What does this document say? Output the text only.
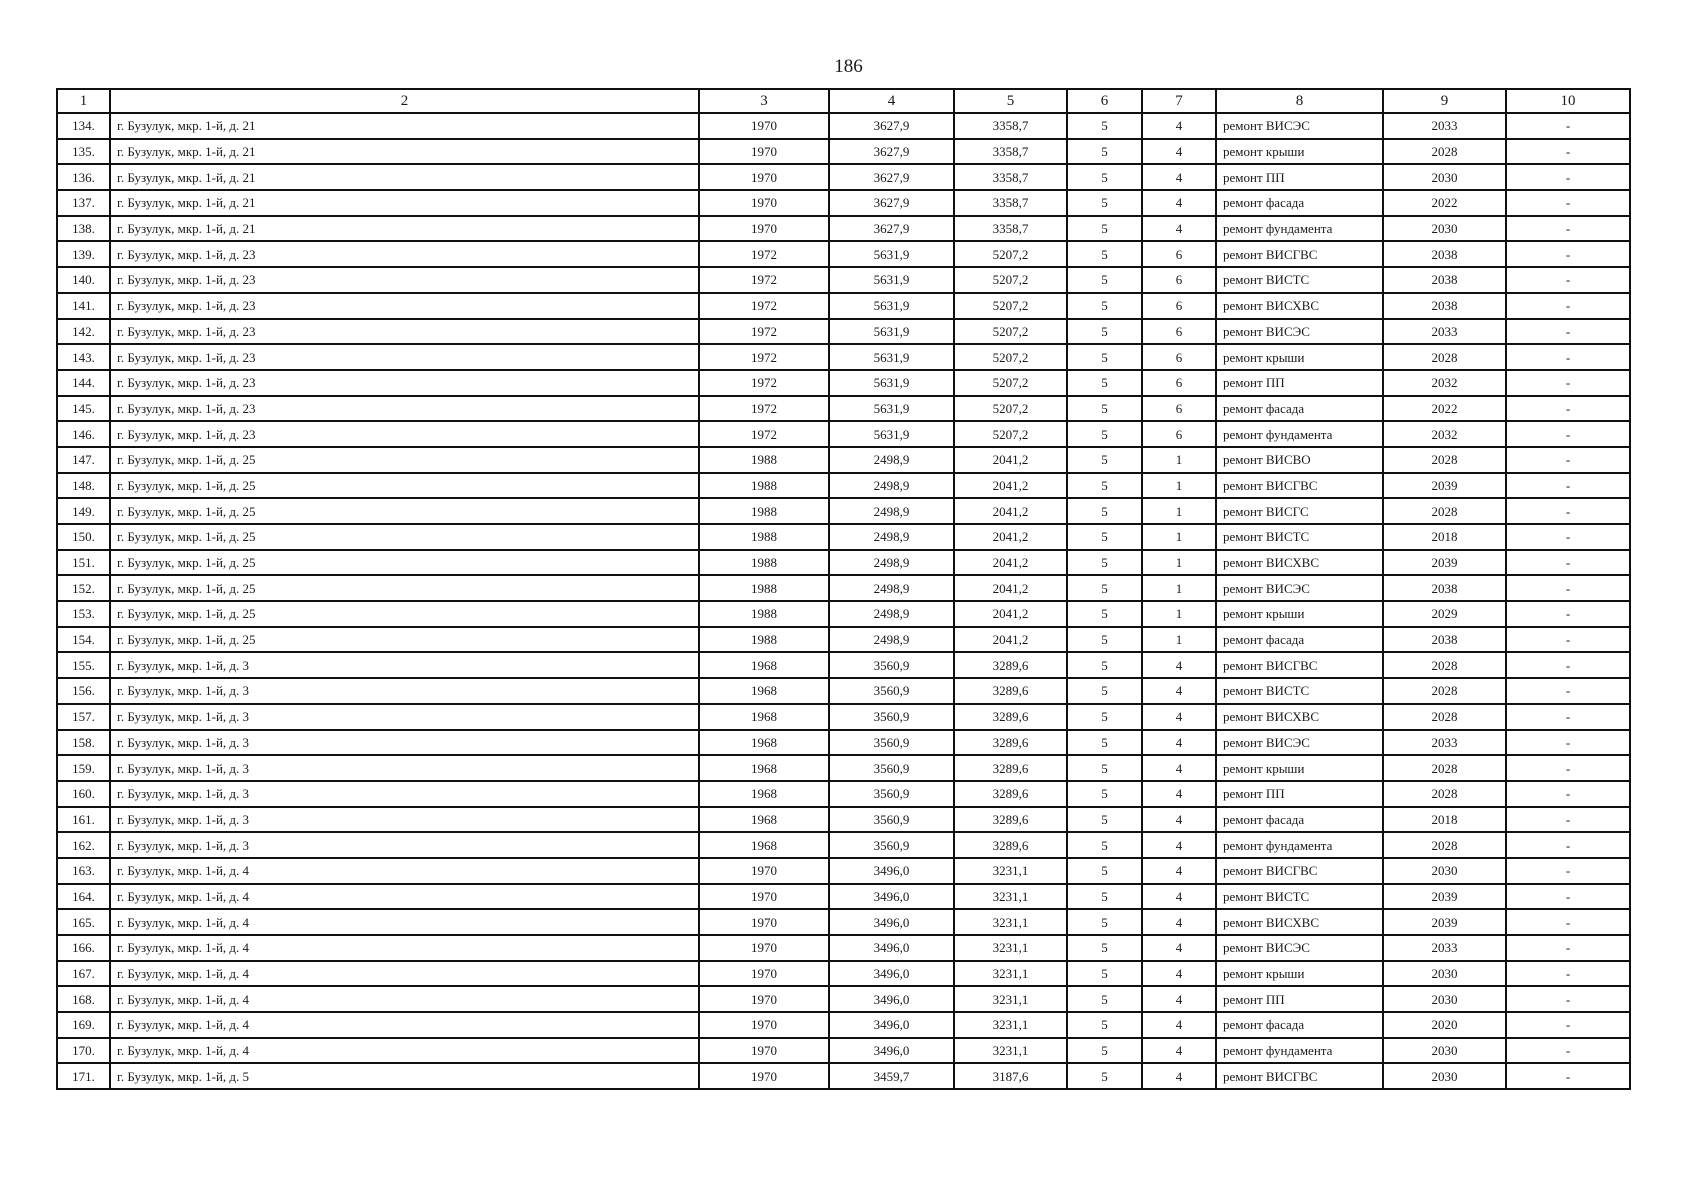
186
1	2	3	4	5	6	7	8	9	10
134.	г. Бузулук, мкр. 1-й, д. 21	1970	3627,9	3358,7	5	4	ремонт ВИСЭС	2033	-
135.	г. Бузулук, мкр. 1-й, д. 21	1970	3627,9	3358,7	5	4	ремонт крыши	2028	-
136.	г. Бузулук, мкр. 1-й, д. 21	1970	3627,9	3358,7	5	4	ремонт ПП	2030	-
137.	г. Бузулук, мкр. 1-й, д. 21	1970	3627,9	3358,7	5	4	ремонт фасада	2022	-
138.	г. Бузулук, мкр. 1-й, д. 21	1970	3627,9	3358,7	5	4	ремонт фундамента	2030	-
139.	г. Бузулук, мкр. 1-й, д. 23	1972	5631,9	5207,2	5	6	ремонт ВИСГВС	2038	-
140.	г. Бузулук, мкр. 1-й, д. 23	1972	5631,9	5207,2	5	6	ремонт ВИСТС	2038	-
141.	г. Бузулук, мкр. 1-й, д. 23	1972	5631,9	5207,2	5	6	ремонт ВИСХВС	2038	-
142.	г. Бузулук, мкр. 1-й, д. 23	1972	5631,9	5207,2	5	6	ремонт ВИСЭС	2033	-
143.	г. Бузулук, мкр. 1-й, д. 23	1972	5631,9	5207,2	5	6	ремонт крыши	2028	-
144.	г. Бузулук, мкр. 1-й, д. 23	1972	5631,9	5207,2	5	6	ремонт ПП	2032	-
145.	г. Бузулук, мкр. 1-й, д. 23	1972	5631,9	5207,2	5	6	ремонт фасада	2022	-
146.	г. Бузулук, мкр. 1-й, д. 23	1972	5631,9	5207,2	5	6	ремонт фундамента	2032	-
147.	г. Бузулук, мкр. 1-й, д. 25	1988	2498,9	2041,2	5	1	ремонт ВИСВО	2028	-
148.	г. Бузулук, мкр. 1-й, д. 25	1988	2498,9	2041,2	5	1	ремонт ВИСГВС	2039	-
149.	г. Бузулук, мкр. 1-й, д. 25	1988	2498,9	2041,2	5	1	ремонт ВИСГС	2028	-
150.	г. Бузулук, мкр. 1-й, д. 25	1988	2498,9	2041,2	5	1	ремонт ВИСТС	2018	-
151.	г. Бузулук, мкр. 1-й, д. 25	1988	2498,9	2041,2	5	1	ремонт ВИСХВС	2039	-
152.	г. Бузулук, мкр. 1-й, д. 25	1988	2498,9	2041,2	5	1	ремонт ВИСЭС	2038	-
153.	г. Бузулук, мкр. 1-й, д. 25	1988	2498,9	2041,2	5	1	ремонт крыши	2029	-
154.	г. Бузулук, мкр. 1-й, д. 25	1988	2498,9	2041,2	5	1	ремонт фасада	2038	-
155.	г. Бузулук, мкр. 1-й, д. 3	1968	3560,9	3289,6	5	4	ремонт ВИСГВС	2028	-
156.	г. Бузулук, мкр. 1-й, д. 3	1968	3560,9	3289,6	5	4	ремонт ВИСТС	2028	-
157.	г. Бузулук, мкр. 1-й, д. 3	1968	3560,9	3289,6	5	4	ремонт ВИСХВС	2028	-
158.	г. Бузулук, мкр. 1-й, д. 3	1968	3560,9	3289,6	5	4	ремонт ВИСЭС	2033	-
159.	г. Бузулук, мкр. 1-й, д. 3	1968	3560,9	3289,6	5	4	ремонт крыши	2028	-
160.	г. Бузулук, мкр. 1-й, д. 3	1968	3560,9	3289,6	5	4	ремонт ПП	2028	-
161.	г. Бузулук, мкр. 1-й, д. 3	1968	3560,9	3289,6	5	4	ремонт фасада	2018	-
162.	г. Бузулук, мкр. 1-й, д. 3	1968	3560,9	3289,6	5	4	ремонт фундамента	2028	-
163.	г. Бузулук, мкр. 1-й, д. 4	1970	3496,0	3231,1	5	4	ремонт ВИСГВС	2030	-
164.	г. Бузулук, мкр. 1-й, д. 4	1970	3496,0	3231,1	5	4	ремонт ВИСТС	2039	-
165.	г. Бузулук, мкр. 1-й, д. 4	1970	3496,0	3231,1	5	4	ремонт ВИСХВС	2039	-
166.	г. Бузулук, мкр. 1-й, д. 4	1970	3496,0	3231,1	5	4	ремонт ВИСЭС	2033	-
167.	г. Бузулук, мкр. 1-й, д. 4	1970	3496,0	3231,1	5	4	ремонт крыши	2030	-
168.	г. Бузулук, мкр. 1-й, д. 4	1970	3496,0	3231,1	5	4	ремонт ПП	2030	-
169.	г. Бузулук, мкр. 1-й, д. 4	1970	3496,0	3231,1	5	4	ремонт фасада	2020	-
170.	г. Бузулук, мкр. 1-й, д. 4	1970	3496,0	3231,1	5	4	ремонт фундамента	2030	-
171.	г. Бузулук, мкр. 1-й, д. 5	1970	3459,7	3187,6	5	4	ремонт ВИСГВС	2030	-
